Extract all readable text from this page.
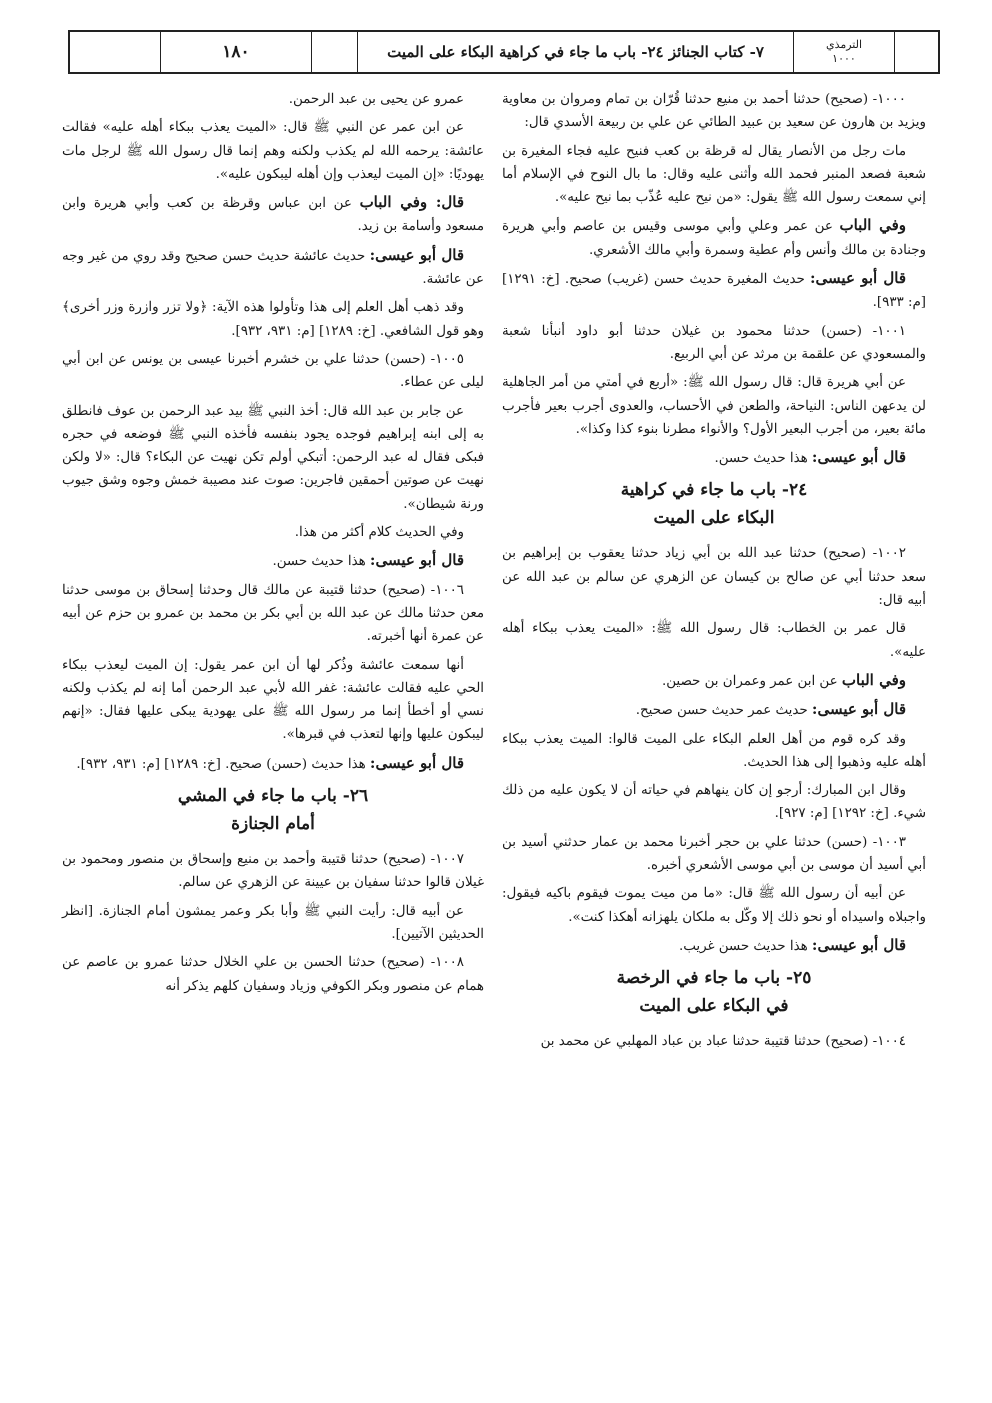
١٨٠	٧- كتاب الجنائز ٢٤- باب ما جاء في كراهية البكاء على الميت	الترمذي
١٠٠٠

١٠٠٠- (صحيح) حدثنا أحمد بن منيع حدثنا قُرّان بن تمام ومروان بن معاوية ويزيد بن هارون عن سعيد بن عبيد الطائي عن علي بن ربيعة الأسدي قال:

مات رجل من الأنصار يقال له قرظة بن كعب فنيح عليه فجاء المغيرة بن شعبة فصعد المنبر فحمد الله وأثنى عليه وقال: ما بال النوح في الإسلام أما إني سمعت رسول الله ﷺ يقول: «من نيح عليه عُذّب بما نيح عليه».

وفي الباب عن عمر وعلي وأبي موسى وقيس بن عاصم وأبي هريرة وجنادة بن مالك وأنس وأم عطية وسمرة وأبي مالك الأشعري.

قال أبو عيسى: حديث المغيرة حديث حسن (غريب) صحيح. [خ: ١٢٩١] [م: ٩٣٣].

١٠٠١- (حسن) حدثنا محمود بن غيلان حدثنا أبو داود أنبأنا شعبة والمسعودي عن علقمة بن مرثد عن أبي الربيع.

عن أبي هريرة قال: قال رسول الله ﷺ: «أربع في أمتي من أمر الجاهلية لن يدعهن الناس: النياحة، والطعن في الأحساب، والعدوى أجرب بعير فأجرب مائة بعير، من أجرب البعير الأول؟ والأنواء مطرنا بنوء كذا وكذا».

قال أبو عيسى: هذا حديث حسن.

٢٤- باب ما جاء في كراهية
البكاء على الميت

١٠٠٢- (صحيح) حدثنا عبد الله بن أبي زياد حدثنا يعقوب بن إبراهيم بن سعد حدثنا أبي عن صالح بن كيسان عن الزهري عن سالم بن عبد الله عن أبيه قال:

قال عمر بن الخطاب: قال رسول الله ﷺ: «الميت يعذب ببكاء أهله عليه».

وفي الباب عن ابن عمر وعمران بن حصين.

قال أبو عيسى: حديث عمر حديث حسن صحيح.

وقد كره قوم من أهل العلم البكاء على الميت قالوا: الميت يعذب ببكاء أهله عليه وذهبوا إلى هذا الحديث.

وقال ابن المبارك: أرجو إن كان ينهاهم في حياته أن لا يكون عليه من ذلك شيء. [خ: ١٢٩٢] [م: ٩٢٧].

١٠٠٣- (حسن) حدثنا علي بن حجر أخبرنا محمد بن عمار حدثني أسيد بن أبي أسيد أن موسى بن أبي موسى الأشعري أخبره.

عن أبيه أن رسول الله ﷺ قال: «ما من ميت يموت فيقوم باكيه فيقول: واجبلاه واسيداه أو نحو ذلك إلا وكّل به ملكان يلهزانه أهكذا كنت».

قال أبو عيسى: هذا حديث حسن غريب.

٢٥- باب ما جاء في الرخصة
في البكاء على الميت

١٠٠٤- (صحيح) حدثنا قتيبة حدثنا عباد بن عباد المهلبي عن محمد بن

عمرو عن يحيى بن عبد الرحمن.

عن ابن عمر عن النبي ﷺ قال: «الميت يعذب ببكاء أهله عليه» فقالت عائشة: يرحمه الله لم يكذب ولكنه وهم إنما قال رسول الله ﷺ لرجل مات يهوديًا: «إن الميت ليعذب وإن أهله ليبكون عليه».

قال: وفي الباب عن ابن عباس وقرظة بن كعب وأبي هريرة وابن مسعود وأسامة بن زيد.

قال أبو عيسى: حديث عائشة حديث حسن صحيح وقد روي من غير وجه عن عائشة.

وقد ذهب أهل العلم إلى هذا وتأولوا هذه الآية: ﴿ولا تزر وازرة وزر أخرى﴾ وهو قول الشافعي. [خ: ١٢٨٩] [م: ٩٣١، ٩٣٢].

١٠٠٥- (حسن) حدثنا علي بن خشرم أخبرنا عيسى بن يونس عن ابن أبي ليلى عن عطاء.

عن جابر بن عبد الله قال: أخذ النبي ﷺ بيد عبد الرحمن بن عوف فانطلق به إلى ابنه إبراهيم فوجده يجود بنفسه فأخذه النبي ﷺ فوضعه في حجره فبكى فقال له عبد الرحمن: أتبكي أولم تكن نهيت عن البكاء؟ قال: «لا ولكن نهيت عن صوتين أحمقين فاجرين: صوت عند مصيبة خمش وجوه وشق جيوب ورنة شيطان».

وفي الحديث كلام أكثر من هذا.

قال أبو عيسى: هذا حديث حسن.

١٠٠٦- (صحيح) حدثنا قتيبة عن مالك قال وحدثنا إسحاق بن موسى حدثنا معن حدثنا مالك عن عبد الله بن أبي بكر بن محمد بن عمرو بن حزم عن أبيه عن عمرة أنها أخبرته.

أنها سمعت عائشة وذُكر لها أن ابن عمر يقول: إن الميت ليعذب ببكاء الحي عليه فقالت عائشة: غفر الله لأبي عبد الرحمن أما إنه لم يكذب ولكنه نسي أو أخطأ إنما مر رسول الله ﷺ على يهودية يبكى عليها فقال: «إنهم ليبكون عليها وإنها لتعذب في قبرها».

قال أبو عيسى: هذا حديث (حسن) صحيح. [خ: ١٢٨٩] [م: ٩٣١، ٩٣٢].

٢٦- باب ما جاء في المشي
أمام الجنازة

١٠٠٧- (صحيح) حدثنا قتيبة وأحمد بن منيع وإسحاق بن منصور ومحمود بن غيلان قالوا حدثنا سفيان بن عيينة عن الزهري عن سالم.

عن أبيه قال: رأيت النبي ﷺ وأبا بكر وعمر يمشون أمام الجنازة. [انظر الحديثين الآتيين].

١٠٠٨- (صحيح) حدثنا الحسن بن علي الخلال حدثنا عمرو بن عاصم عن همام عن منصور وبكر الكوفي وزياد وسفيان كلهم يذكر أنه
